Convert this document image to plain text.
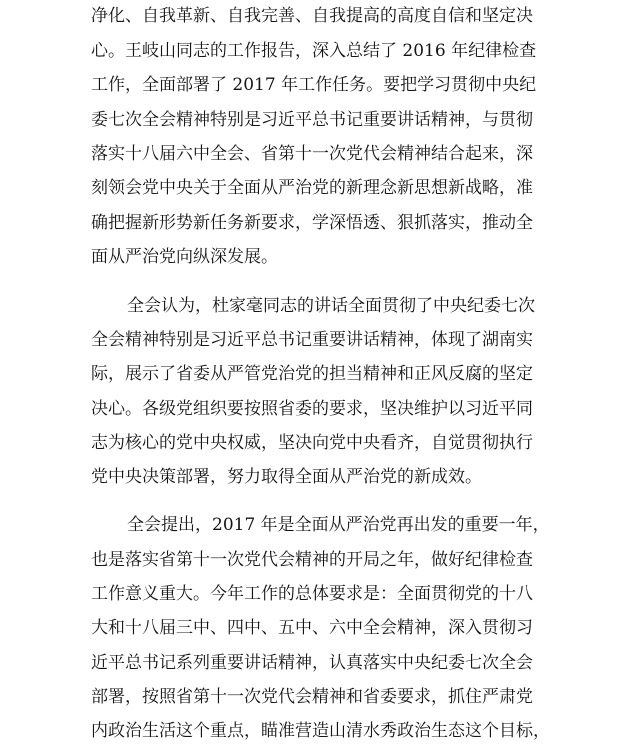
净化、自我革新、自我完善、自我提高的高度自信和坚定决
心。王岐山同志的工作报告，深入总结了 2016 年纪律检查
工作，全面部署了 2017 年工作任务。要把学习贯彻中央纪
委七次全会精神特别是习近平总书记重要讲话精神，与贯彻
落实十八届六中全会、省第十一次党代会精神结合起来，深
刻领会党中央关于全面从严治党的新理念新思想新战略，准
确把握新形势新任务新要求，学深悟透、狠抓落实，推动全
面从严治党向纵深发展。
全会认为，杜家毫同志的讲话全面贯彻了中央纪委七次
全会精神特别是习近平总书记重要讲话精神，体现了湖南实
际，展示了省委从严管党治党的担当精神和正风反腐的坚定
决心。各级党组织要按照省委的要求，坚决维护以习近平同
志为核心的党中央权威，坚决向党中央看齐，自觉贯彻执行
党中央决策部署，努力取得全面从严治党的新成效。
全会提出，2017 年是全面从严治党再出发的重要一年，
也是落实省第十一次党代会精神的开局之年，做好纪律检查
工作意义重大。今年工作的总体要求是：全面贯彻党的十八
大和十八届三中、四中、五中、六中全会精神，深入贯彻习
近平总书记系列重要讲话精神，认真落实中央纪委七次全会
部署，按照省第十一次党代会精神和省委要求，抓住严肃党
内政治生活这个重点，瞄准营造山清水秀政治生态这个目标，
